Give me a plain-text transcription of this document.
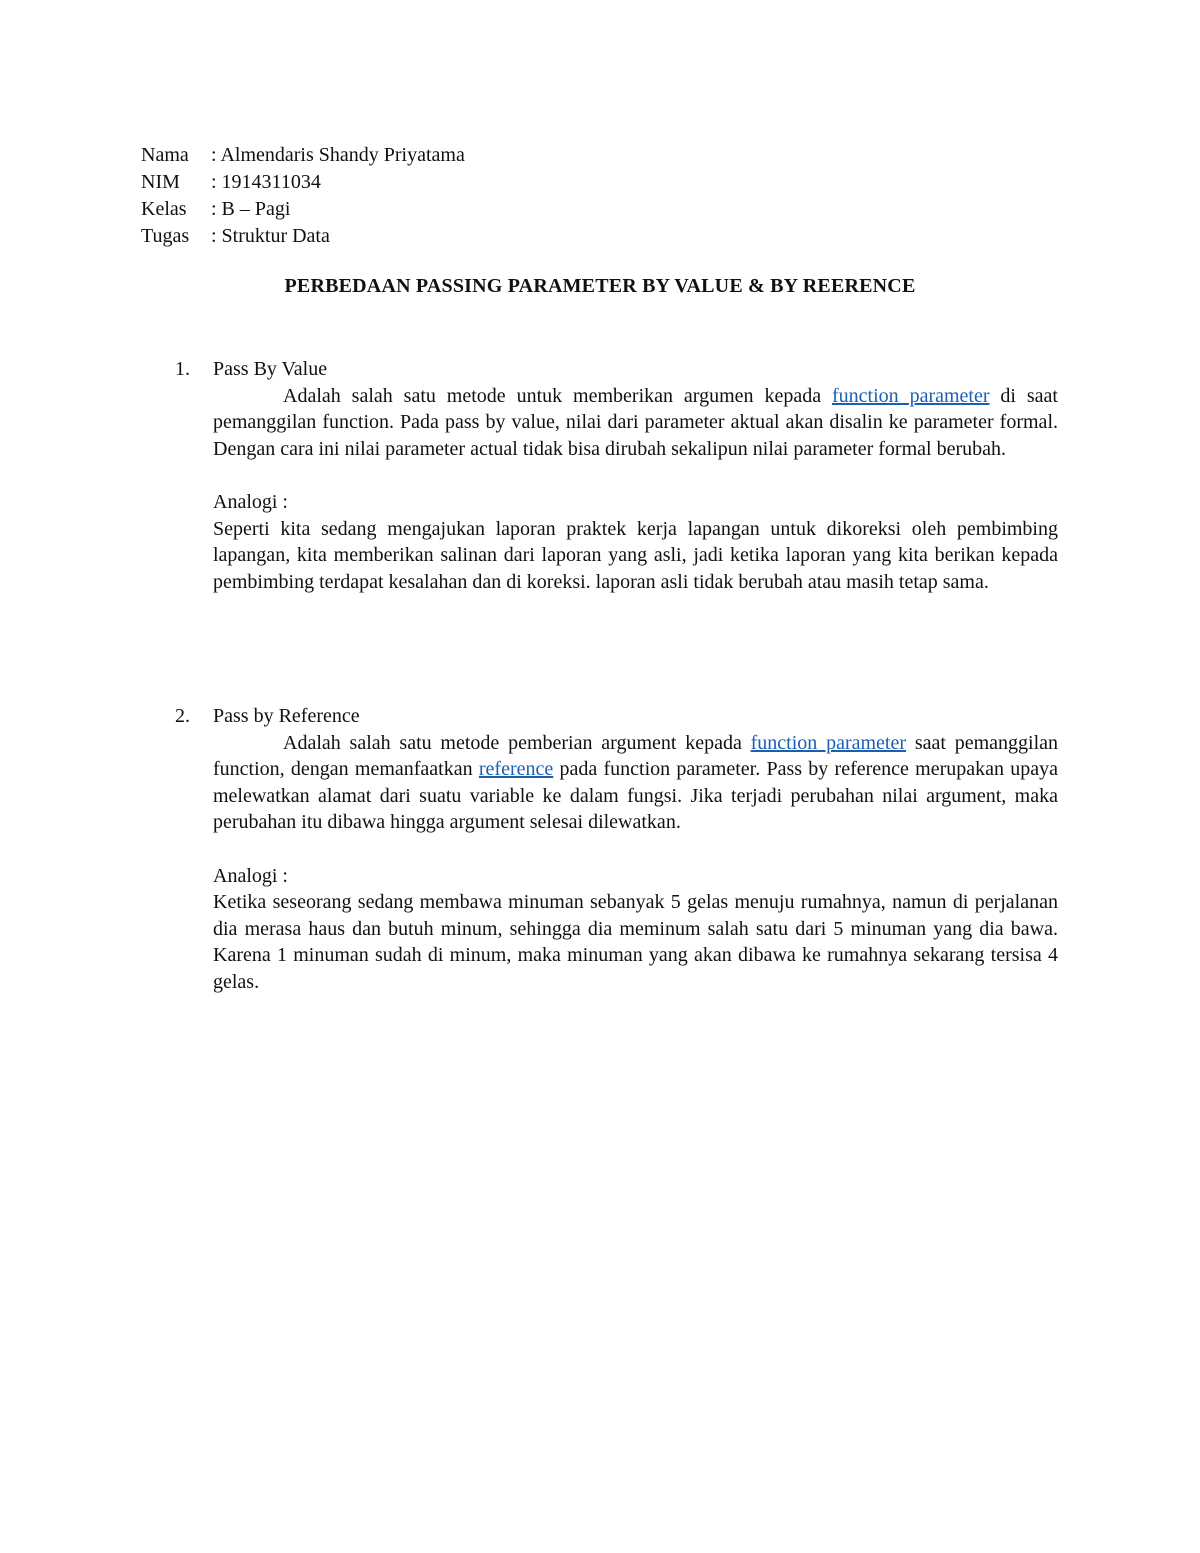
Nama	: Almendaris Shandy Priyatama
NIM	: 1914311034
Kelas	: B – Pagi
Tugas	: Struktur Data
PERBEDAAN PASSING PARAMETER BY VALUE & BY REERENCE
1. Pass By Value

Adalah salah satu metode untuk memberikan argumen kepada function parameter di saat pemanggilan function. Pada pass by value, nilai dari parameter aktual akan disalin ke parameter formal. Dengan cara ini nilai parameter actual tidak bisa dirubah sekalipun nilai parameter formal berubah.

Analogi :

Seperti kita sedang mengajukan laporan praktek kerja lapangan untuk dikoreksi oleh pembimbing lapangan, kita memberikan salinan dari laporan yang asli, jadi ketika laporan yang kita berikan kepada pembimbing terdapat kesalahan dan di koreksi. laporan asli tidak berubah atau masih tetap sama.

2. Pass by Reference

Adalah salah satu metode pemberian argument kepada function parameter saat pemanggilan function, dengan memanfaatkan reference pada function parameter. Pass by reference merupakan upaya melewatkan alamat dari suatu variable ke dalam fungsi. Jika terjadi perubahan nilai argument, maka perubahan itu dibawa hingga argument selesai dilewatkan.

Analogi :

Ketika seseorang sedang membawa minuman sebanyak 5 gelas menuju rumahnya, namun di perjalanan dia merasa haus dan butuh minum, sehingga dia meminum salah satu dari 5 minuman yang dia bawa. Karena 1 minuman sudah di minum, maka minuman yang akan dibawa ke rumahnya sekarang tersisa 4 gelas.
